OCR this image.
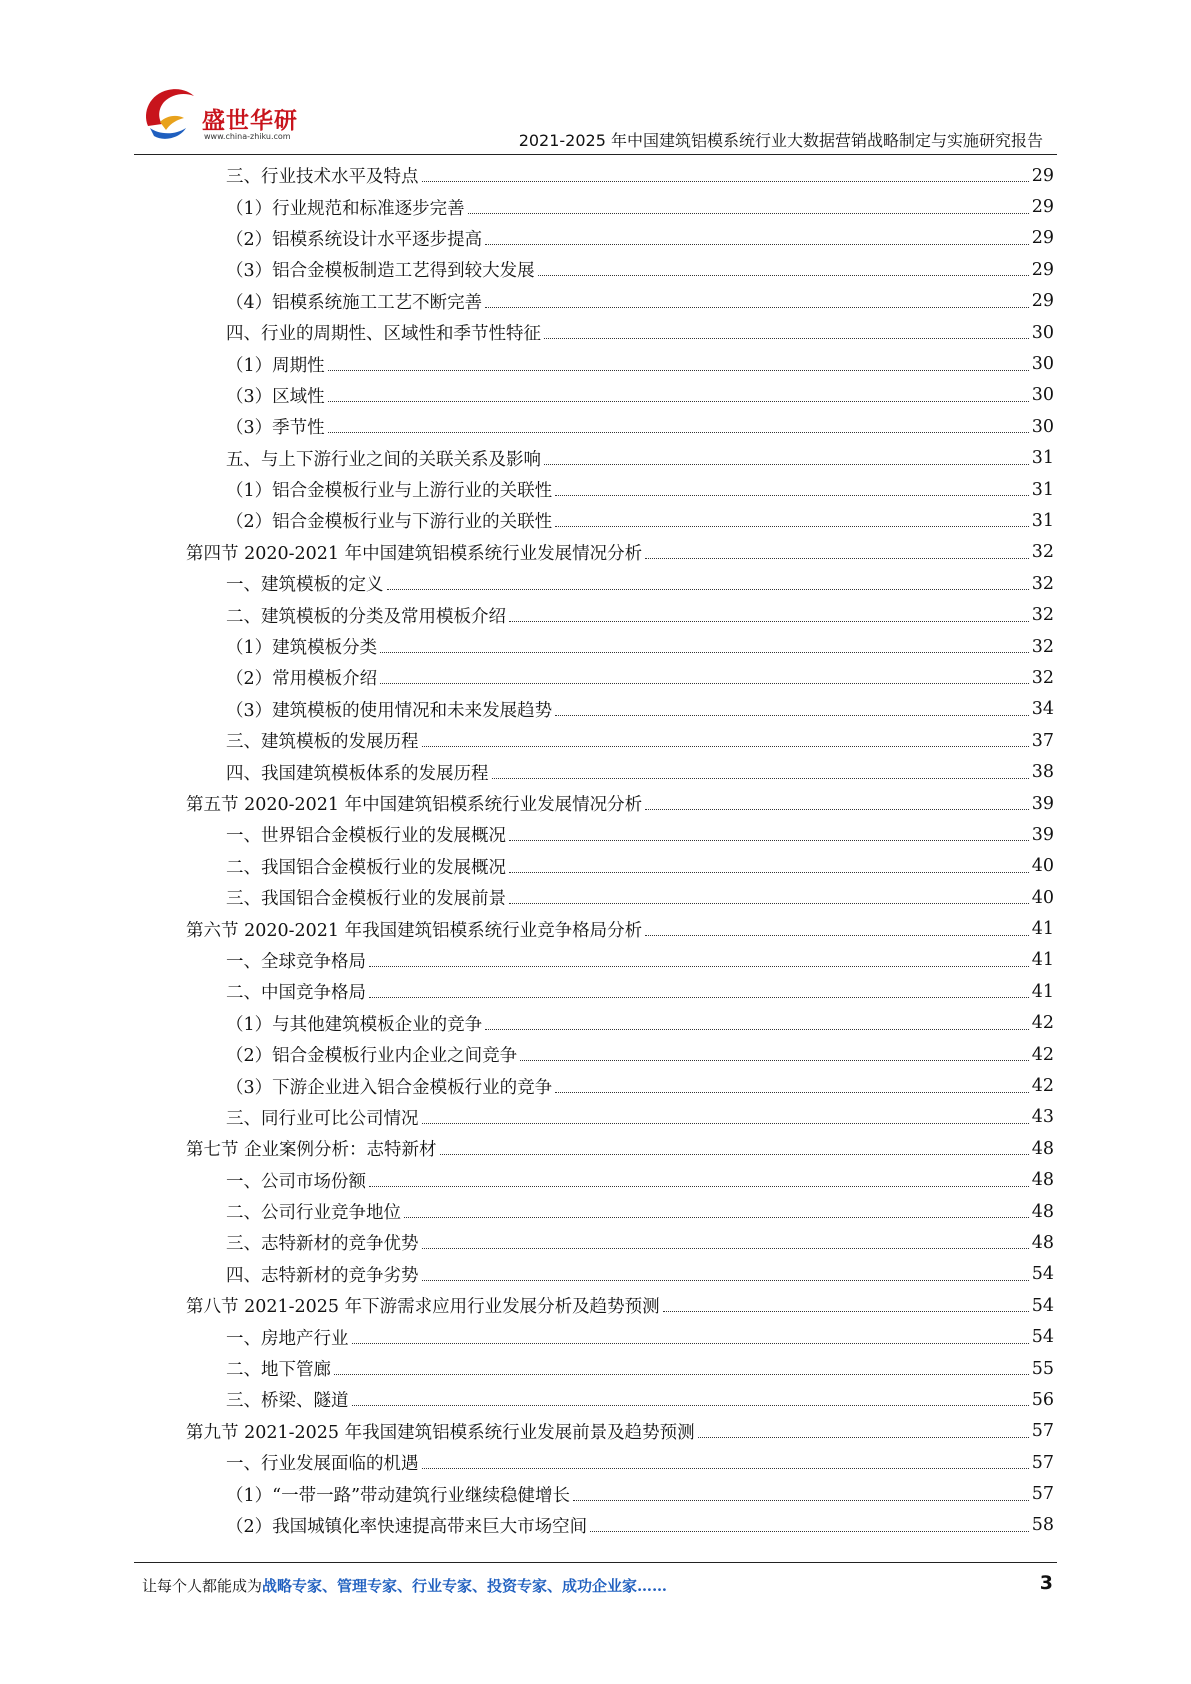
盛世华研
www.china-zhiku.com	2021-2025 年中国建筑铝模系统行业大数据营销战略制定与实施研究报告
三、行业技术水平及特点	29
（1）行业规范和标准逐步完善	29
（2）铝模系统设计水平逐步提高	29
（3）铝合金模板制造工艺得到较大发展	29
（4）铝模系统施工工艺不断完善	29
四、行业的周期性、区域性和季节性特征	30
（1）周期性	30
（3）区域性	30
（3）季节性	30
五、与上下游行业之间的关联关系及影响	31
（1）铝合金模板行业与上游行业的关联性	31
（2）铝合金模板行业与下游行业的关联性	31
第四节 2020-2021 年中国建筑铝模系统行业发展情况分析	32
一、建筑模板的定义	32
二、建筑模板的分类及常用模板介绍	32
（1）建筑模板分类	32
（2）常用模板介绍	32
（3）建筑模板的使用情况和未来发展趋势	34
三、建筑模板的发展历程	37
四、我国建筑模板体系的发展历程	38
第五节 2020-2021 年中国建筑铝模系统行业发展情况分析	39
一、世界铝合金模板行业的发展概况	39
二、我国铝合金模板行业的发展概况	40
三、我国铝合金模板行业的发展前景	40
第六节 2020-2021 年我国建筑铝模系统行业竞争格局分析	41
一、全球竞争格局	41
二、中国竞争格局	41
（1）与其他建筑模板企业的竞争	42
（2）铝合金模板行业内企业之间竞争	42
（3）下游企业进入铝合金模板行业的竞争	42
三、同行业可比公司情况	43
第七节 企业案例分析：志特新材	48
一、公司市场份额	48
二、公司行业竞争地位	48
三、志特新材的竞争优势	48
四、志特新材的竞争劣势	54
第八节 2021-2025 年下游需求应用行业发展分析及趋势预测	54
一、房地产行业	54
二、地下管廊	55
三、桥梁、隧道	56
第九节 2021-2025 年我国建筑铝模系统行业发展前景及趋势预测	57
一、行业发展面临的机遇	57
（1）“一带一路”带动建筑行业继续稳健增长	57
（2）我国城镇化率快速提高带来巨大市场空间	58
让每个人都能成为战略专家、管理专家、行业专家、投资专家、成功企业家……	3
